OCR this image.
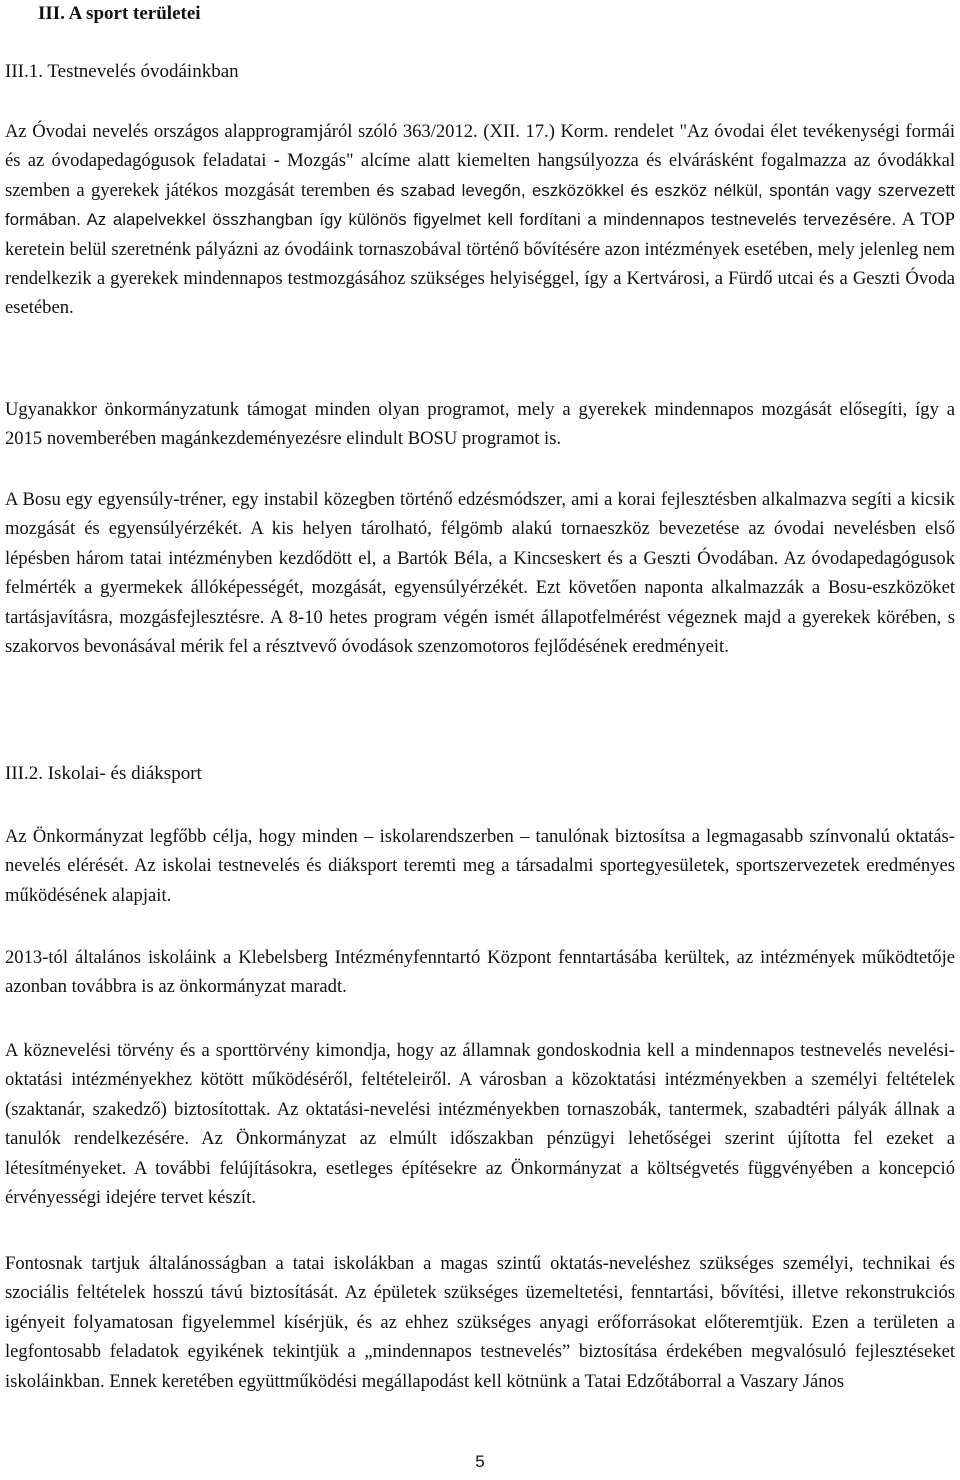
III. A sport területei
III.1. Testnevelés óvodáinkban

Az Óvodai nevelés országos alapprogramjáról szóló 363/2012. (XII. 17.) Korm. rendelet "Az óvodai élet tevékenységi formái és az óvodapedagógusok feladatai - Mozgás" alcíme alatt kiemelten hangsúlyozza és elvárásként fogalmazza az óvodákkal szemben a gyerekek játékos mozgását teremben és szabad levegőn, eszközökkel és eszköz nélkül, spontán vagy szervezett formában. Az alapelvekkel összhangban így különös figyelmet kell fordítani a mindennapos testnevelés tervezésére. A TOP keretein belül szeretnénk pályázni az óvodáink tornaszobával történő bővítésére azon intézmények esetében, mely jelenleg nem rendelkezik a gyerekek mindennapos testmozgásához szükséges helyiséggel, így a Kertvárosi, a Fürdő utcai és a Geszti Óvoda esetében.

Ugyanakkor önkormányzatunk támogat minden olyan programot, mely a gyerekek mindennapos mozgását elősegíti, így a 2015 novemberében magánkezdeményezésre elindult BOSU programot is.

A Bosu egy egyensúly-tréner, egy instabil közegben történő edzésmódszer, ami a korai fejlesztésben alkalmazva segíti a kicsik mozgását és egyensúlyérzékét. A kis helyen tárolható, félgömb alakú tornaeszköz bevezetése az óvodai nevelésben első lépésben három tatai intézményben kezdődött el, a Bartók Béla, a Kincseskert és a Geszti Óvodában. Az óvodapedagógusok felmérték a gyermekek állóképességét, mozgását, egyensúlyérzékét. Ezt követően naponta alkalmazzák a Bosu-eszközöket tartásjavításra, mozgásfejlesztésre. A 8-10 hetes program végén ismét állapotfelmérést végeznek majd a gyerekek körében, s szakorvos bevonásával mérik fel a résztvevő óvodások szenzomotoros fejlődésének eredményeit.

III.2. Iskolai- és diáksport

Az Önkormányzat legfőbb célja, hogy minden – iskolarendszerben – tanulónak biztosítsa a legmagasabb színvonalú oktatás-nevelés elérését. Az iskolai testnevelés és diáksport teremti meg a társadalmi sportegyesületek, sportszervezetek eredményes működésének alapjait.

2013-tól általános iskoláink a Klebelsberg Intézményfenntartó Központ fenntartásába kerültek, az intézmények működtetője azonban továbbra is az önkormányzat maradt.

A köznevelési törvény és a sporttörvény kimondja, hogy az államnak gondoskodnia kell a mindennapos testnevelés nevelési-oktatási intézményekhez kötött működéséről, feltételeiről. A városban a közoktatási intézményekben a személyi feltételek (szaktanár, szakedző) biztosítottak. Az oktatási-nevelési intézményekben tornaszobák, tantermek, szabadtéri pályák állnak a tanulók rendelkezésére. Az Önkormányzat az elmúlt időszakban pénzügyi lehetőségei szerint újította fel ezeket a létesítményeket. A további felújításokra, esetleges építésekre az Önkormányzat a költségvetés függvényében a koncepció érvényességi idejére tervet készít.

Fontosnak tartjuk általánosságban a tatai iskolákban a magas szintű oktatás-neveléshez szükséges személyi, technikai és szociális feltételek hosszú távú biztosítását. Az épületek szükséges üzemeltetési, fenntartási, bővítési, illetve rekonstrukciós igényeit folyamatosan figyelemmel kísérjük, és az ehhez szükséges anyagi erőforrásokat előteremtjük. Ezen a területen a legfontosabb feladatok egyikének tekintjük a „mindennapos testnevelés” biztosítása érdekében megvalósuló fejlesztéseket iskoláinkban. Ennek keretében együttműködési megállapodást kell kötnünk a Tatai Edzőtáborral a Vaszary János

5
